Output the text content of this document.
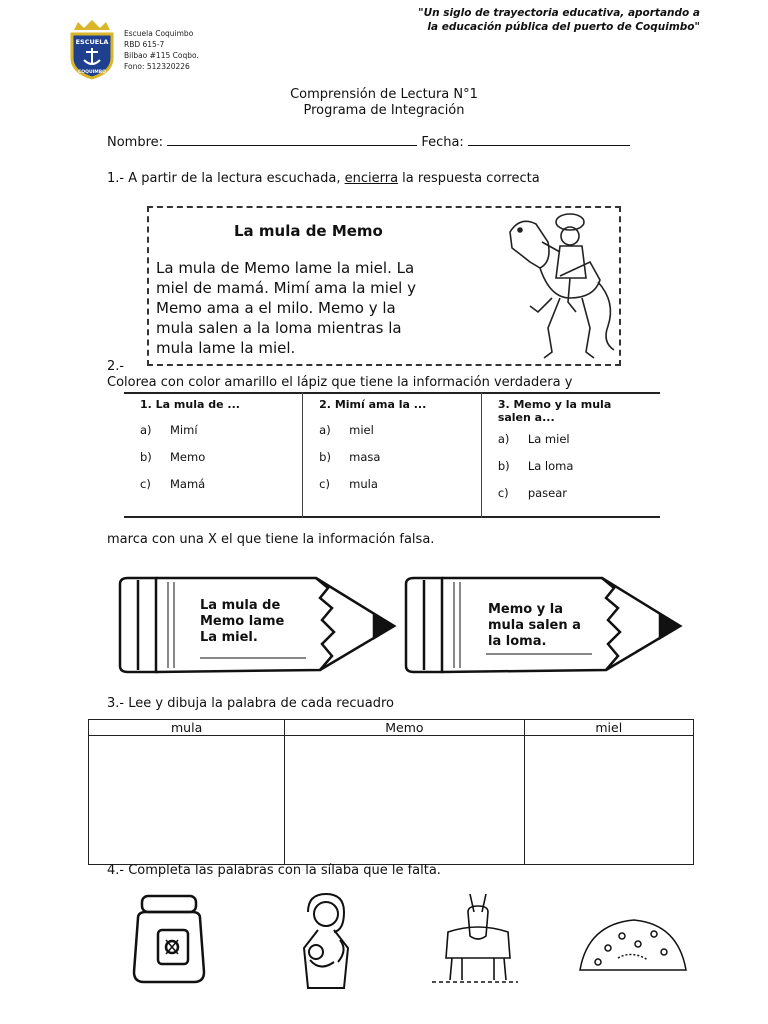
ESCUELA
COQUIMBO
Escuela Coquimbo
RBD 615-7
Bilbao #115 Coqbo.
Fono: 512320226
"Un siglo de trayectoria educativa, aportando a
la educación pública del puerto de Coquimbo"
Comprensión de Lectura N°1
Programa de Integración
Nombre:	Fecha:
1.- A partir de la lectura escuchada, encierra la respuesta correcta
La mula de Memo
La mula de Memo lame la miel. La
miel de mamá. Mimí ama la miel y
Memo ama a el milo. Memo y la
mula salen a la loma mientras la
mula lame la miel.
2.-
Colorea con color amarillo el lápiz que tiene la información verdadera y
1. La mula de ...
a)	Mimí
b)	Memo
c)	Mamá

2. Mimí ama la ...
a)	miel
b)	masa
c)	mula

3. Memo y la mula salen a...
a)	La miel
b)	La loma
c)	pasear
marca con una X el que tiene la información falsa.
La mula de
Memo lame
La miel.
Memo y la
mula salen a
la loma.
3.- Lee y dibuja la palabra de cada recuadro
mula	Memo	miel

4.- Completa las palabras con la sílaba que le falta.
